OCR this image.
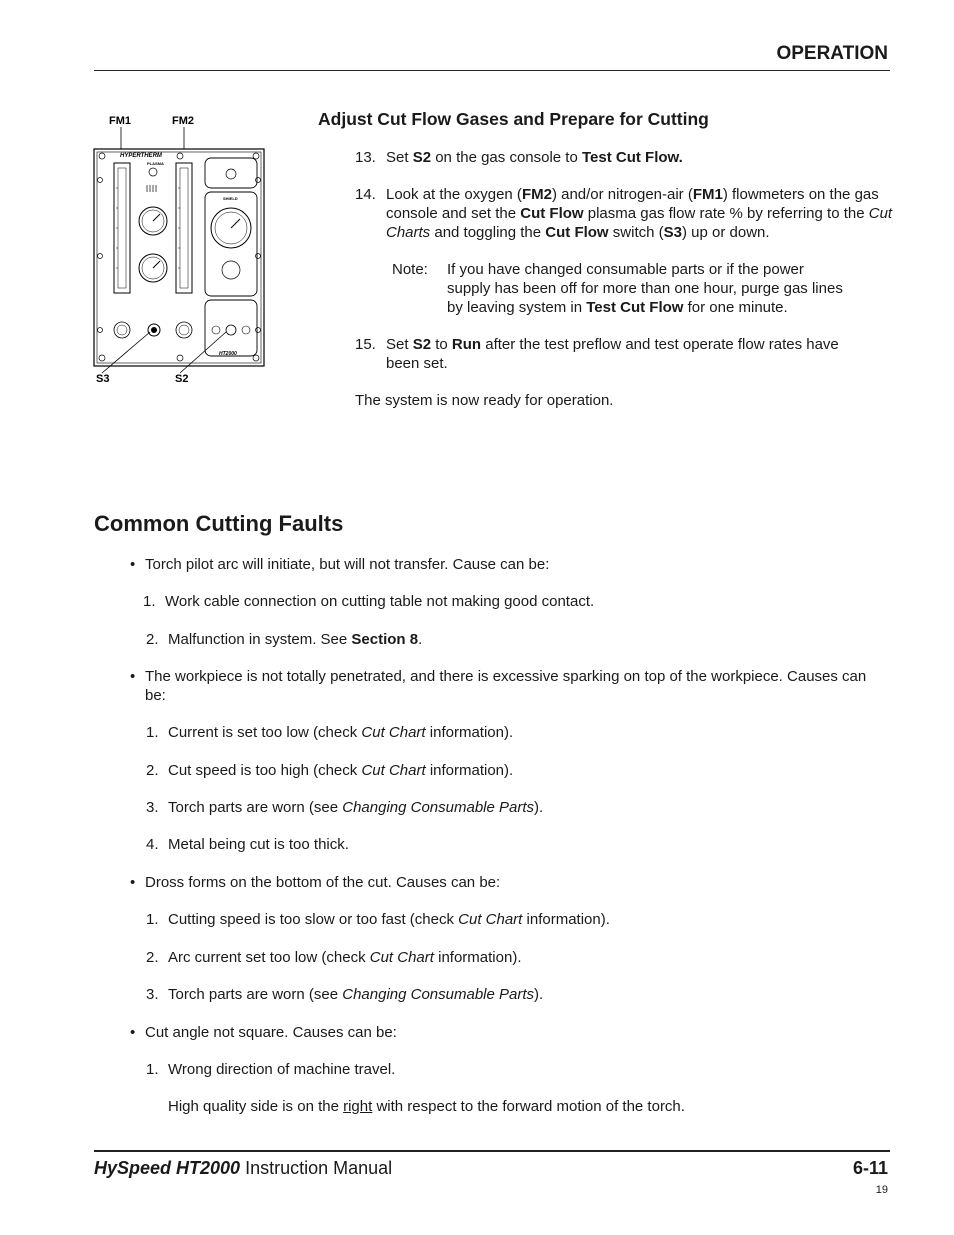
OPERATION
FM1	FM2
HYPERTHERM
PLASMA
SHIELD
HT2000
S3	S2
Adjust Cut Flow Gases and Prepare for Cutting
13. Set S2 on the gas console to Test Cut Flow.
14. Look at the oxygen (FM2) and/or nitrogen-air (FM1) flowmeters on the gas console and set the Cut Flow plasma gas flow rate % by referring to the Cut Charts and toggling the Cut Flow switch (S3) up or down.
Note: If you have changed consumable parts or if the power supply has been off for more than one hour, purge gas lines by leaving system in Test Cut Flow for one minute.
15. Set S2 to Run after the test preflow and test operate flow rates have been set.
The system is now ready for operation.
Common Cutting Faults
• Torch pilot arc will initiate, but will not transfer. Cause can be:
1. Work cable connection on cutting table not making good contact.
2. Malfunction in system. See Section 8.
• The workpiece is not totally penetrated, and there is excessive sparking on top of the workpiece. Causes can be:
1. Current is set too low (check Cut Chart information).
2. Cut speed is too high (check Cut Chart information).
3. Torch parts are worn (see Changing Consumable Parts).
4. Metal being cut is too thick.
• Dross forms on the bottom of the cut. Causes can be:
1. Cutting speed is too slow or too fast (check Cut Chart information).
2. Arc current set too low (check Cut Chart information).
3. Torch parts are worn (see Changing Consumable Parts).
• Cut angle not square. Causes can be:
1. Wrong direction of machine travel.
High quality side is on the right with respect to the forward motion of the torch.
HySpeed HT2000 Instruction Manual	6-11
19
